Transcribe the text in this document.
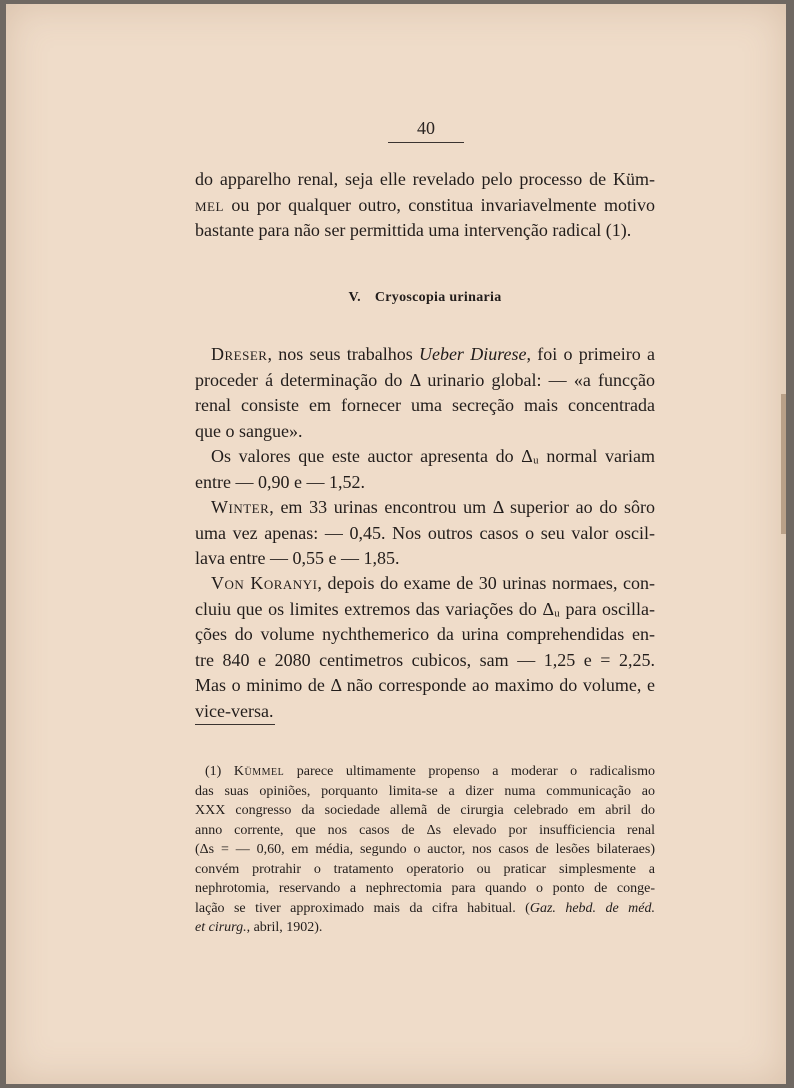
40

do apparelho renal, seja elle revelado pelo processo de Küm-
mel ou por qualquer outro, constitua invariavelmente motivo
bastante para não ser permittida uma intervenção radical (1).

V. Cryoscopia urinaria

Dreser, nos seus trabalhos Ueber Diurese, foi o primeiro a
proceder á determinação do Δ urinario global: — «a funcção
renal consiste em fornecer uma secreção mais concentrada
que o sangue».

Os valores que este auctor apresenta do Δᵤ normal variam
entre — 0,90 e — 1,52.

Winter, em 33 urinas encontrou um Δ superior ao do sôro
uma vez apenas: — 0,45. Nos outros casos o seu valor oscil-
lava entre — 0,55 e — 1,85.

Von Koranyi, depois do exame de 30 urinas normaes, con-
cluiu que os limites extremos das variações do Δᵤ para oscilla-
ções do volume nychthemerico da urina comprehendidas en-
tre 840 e 2080 centimetros cubicos, sam — 1,25 e = 2,25.
Mas o minimo de Δ não corresponde ao maximo do volume, e
vice-versa.

(1) Kümmel parece ultimamente propenso a moderar o radicalismo
das suas opiniões, porquanto limita-se a dizer numa communicação ao
XXX congresso da sociedade allemã de cirurgia celebrado em abril do
anno corrente, que nos casos de Δs elevado por insufficiencia renal
(Δs = — 0,60, em média, segundo o auctor, nos casos de lesões bilateraes)
convém protrahir o tratamento operatorio ou praticar simplesmente a
nephrotomia, reservando a nephrectomia para quando o ponto de conge-
lação se tiver approximado mais da cifra habitual. (Gaz. hebd. de méd.
et cirurg., abril, 1902).
